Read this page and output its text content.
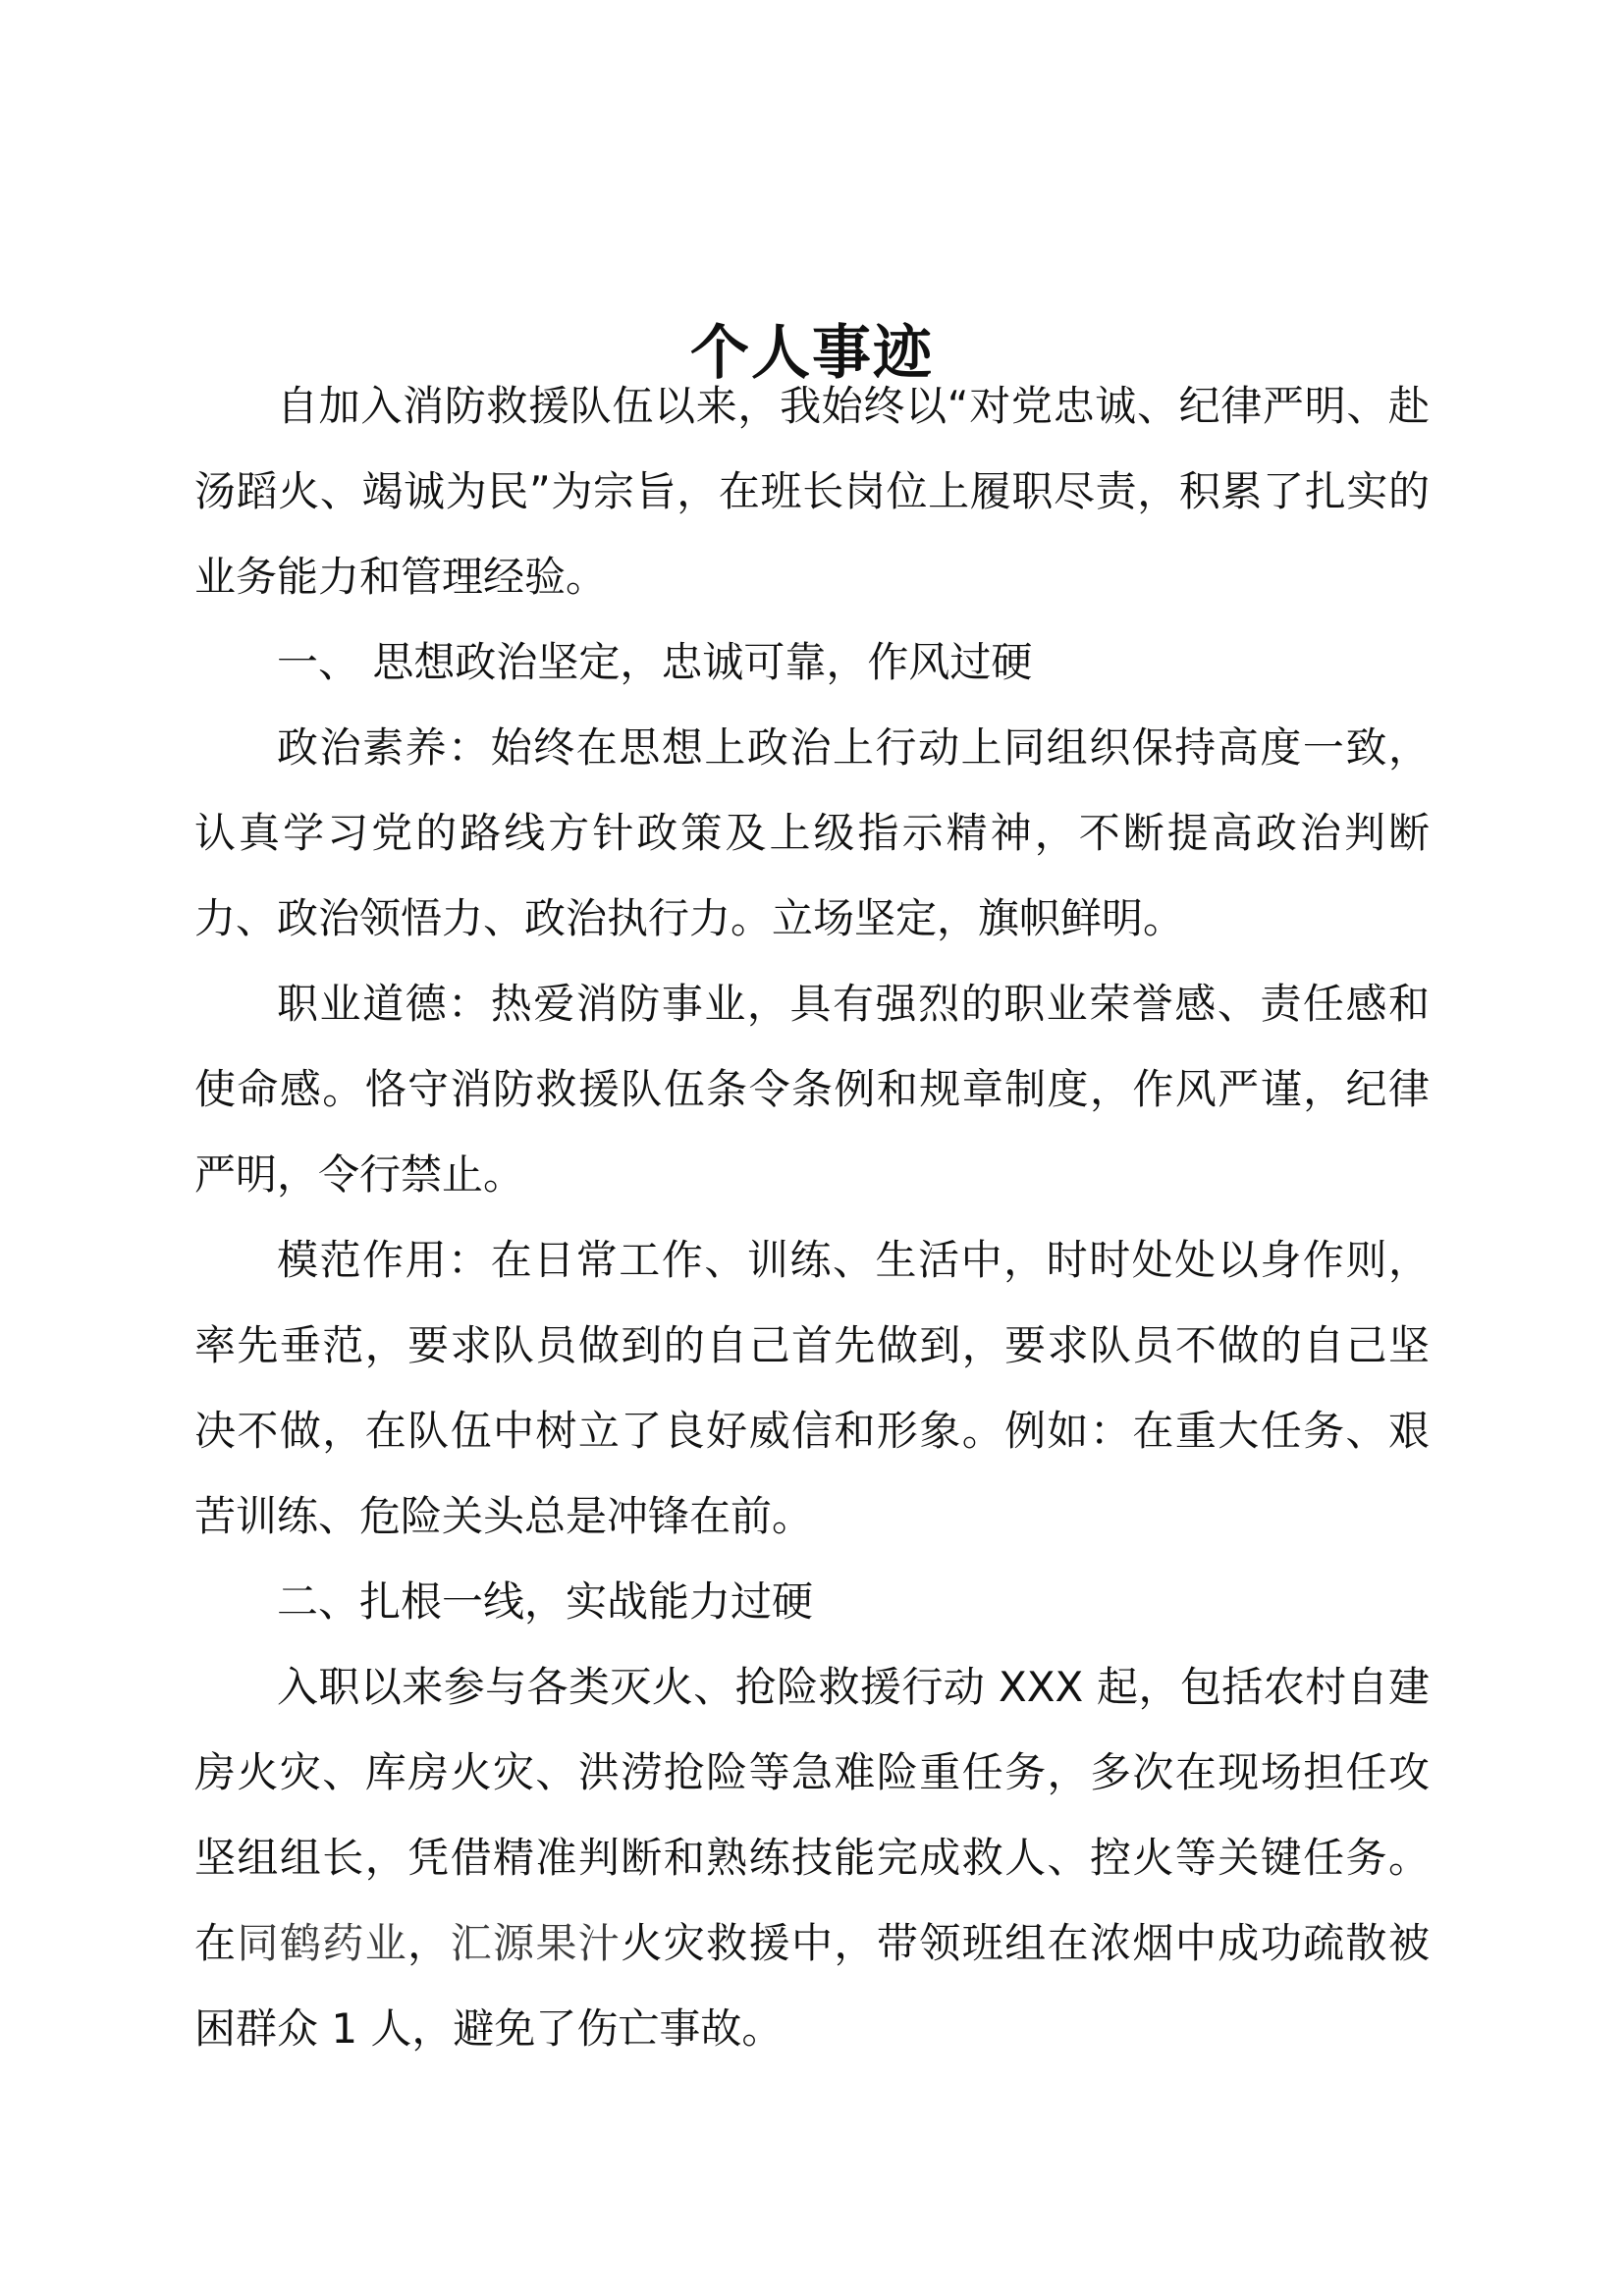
个人事迹

自加入消防救援队伍以来，我始终以“对党忠诚、纪律严明、赴汤蹈火、竭诚为民”为宗旨，在班长岗位上履职尽责，积累了扎实的业务能力和管理经验。

一、 思想政治坚定，忠诚可靠，作风过硬

政治素养：始终在思想上政治上行动上同组织保持高度一致，认真学习党的路线方针政策及上级指示精神，不断提高政治判断力、政治领悟力、政治执行力。立场坚定，旗帜鲜明。

职业道德：热爱消防事业，具有强烈的职业荣誉感、责任感和使命感。恪守消防救援队伍条令条例和规章制度，作风严谨，纪律严明，令行禁止。

模范作用：在日常工作、训练、生活中，时时处处以身作则，率先垂范，要求队员做到的自己首先做到，要求队员不做的自己坚决不做，在队伍中树立了良好威信和形象。例如：在重大任务、艰苦训练、危险关头总是冲锋在前。

二、扎根一线，实战能力过硬

入职以来参与各类灭火、抢险救援行动 XXX 起，包括农村自建房火灾、库房火灾、洪涝抢险等急难险重任务，多次在现场担任攻坚组组长，凭借精准判断和熟练技能完成救人、控火等关键任务。在同鹤药业，汇源果汁火灾救援中，带领班组在浓烟中成功疏散被困群众 1 人，避免了伤亡事故。
